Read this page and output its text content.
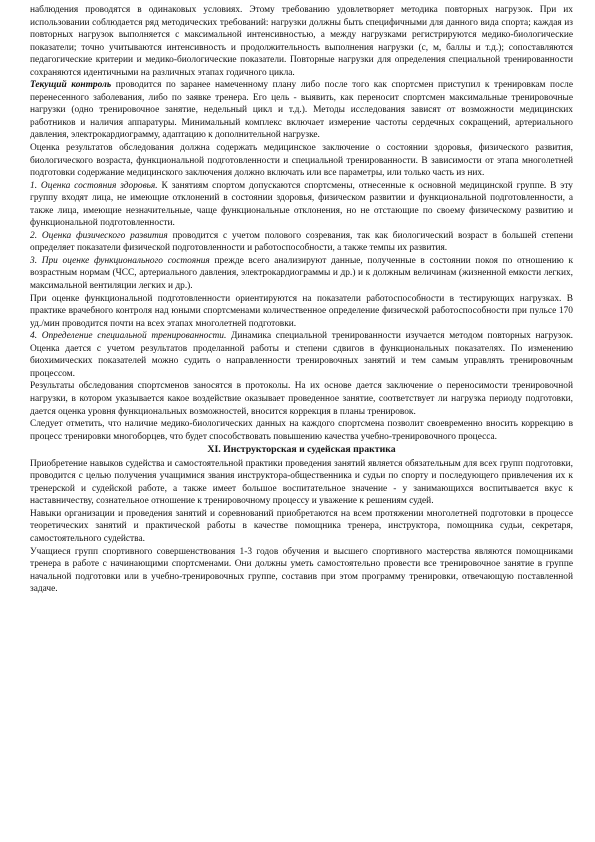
наблюдения проводятся в одинаковых условиях. Этому требованию удовлетворяет методика повторных нагрузок. При их использовании соблюдается ряд методических требований: нагрузки должны быть специфичными для данного вида спорта; каждая из повторных нагрузок выполняется с максимальной интенсивностью, а между нагрузками регистрируются медико-биологические показатели; точно учитываются интенсивность и продолжительность выполнения нагрузки (с, м, баллы и т.д.); сопоставляются педагогические критерии и медико-биологические показатели. Повторные нагрузки для определения специальной тренированности сохраняются идентичными на различных этапах годичного цикла.

Текущий контроль проводится по заранее намеченному плану либо после того как спортсмен приступил к тренировкам после перенесенного заболевания, либо по заявке тренера. Его цель - выявить, как переносит спортсмен максимальные тренировочные нагрузки (одно тренировочное занятие, недельный цикл и т.д.). Методы исследования зависят от возможности медицинских работников и наличия аппаратуры. Минимальный комплекс включает измерение частоты сердечных сокращений, артериального давления, электрокардиограмму, адаптацию к дополнительной нагрузке.

Оценка результатов обследования должна содержать медицинское заключение о состоянии здоровья, физического развития, биологического возраста, функциональной подготовленности и специальной тренированности. В зависимости от этапа многолетней подготовки содержание медицинского заключения должно включать или все параметры, или только часть из них.

1. Оценка состояния здоровья. К занятиям спортом допускаются спортсмены, отнесенные к основной медицинской группе. В эту группу входят лица, не имеющие отклонений в состоянии здоровья, физическом развитии и функциональной подготовленности, а также лица, имеющие незначительные, чаще функциональные отклонения, но не отстающие по своему физическому развитию и функциональной подготовленности.

2. Оценка физического развития проводится с учетом полового созревания, так как биологический возраст в большей степени определяет показатели физической подготовленности и работоспособности, а также темпы их развития.

3. При оценке функционального состояния прежде всего анализируют данные, полученные в состоянии покоя по отношению к возрастным нормам (ЧСС, артериального давления, электрокардиограммы и др.) и к должным величинам (жизненной емкости легких, максимальной вентиляции легких и др.).

При оценке функциональной подготовленности ориентируются на показатели работоспособности в тестирующих нагрузках. В практике врачебного контроля над юными спортсменами количественное определение физической работоспособности при пульсе 170 уд./мин проводится почти на всех этапах многолетней подготовки.

4. Определение специальной тренированности. Динамика специальной тренированности изучается методом повторных нагрузок. Оценка дается с учетом результатов проделанной работы и степени сдвигов в функциональных показателях. По изменению биохимических показателей можно судить о направленности тренировочных занятий и тем самым управлять тренировочным процессом.

Результаты обследования спортсменов заносятся в протоколы. На их основе дается заключение о переносимости тренировочной нагрузки, в котором указывается какое воздействие оказывает проведенное занятие, соответствует ли нагрузка периоду подготовки, дается оценка уровня функциональных возможностей, вносится коррекция в планы тренировок.

Следует отметить, что наличие медико-биологических данных на каждого спортсмена позволит своевременно вносить коррекцию в процесс тренировки многоборцев, что будет способствовать повышению качества учебно-тренировочного процесса.

XI. Инструкторская и судейская практика

Приобретение навыков судейства и самостоятельной практики проведения занятий является обязательным для всех групп подготовки, проводится с целью получения учащимися звания инструктора-общественника и судьи по спорту и последующего привлечения их к тренерской и судейской работе, а также имеет большое воспитательное значение - у занимающихся воспитывается вкус к наставничеству, сознательное отношение к тренировочному процессу и уважение к решениям судей.

Навыки организации и проведения занятий и соревнований приобретаются на всем протяжении многолетней подготовки в процессе теоретических занятий и практической работы в качестве помощника тренера, инструктора, помощника судьи, секретаря, самостоятельного судейства.

Учащиеся групп спортивного совершенствования 1-3 годов обучения и высшего спортивного мастерства являются помощниками тренера в работе с начинающими спортсменами. Они должны уметь самостоятельно провести все тренировочное занятие в группе начальной подготовки или в учебно-тренировочных группе, составив при этом программу тренировки, отвечающую поставленной задаче.
